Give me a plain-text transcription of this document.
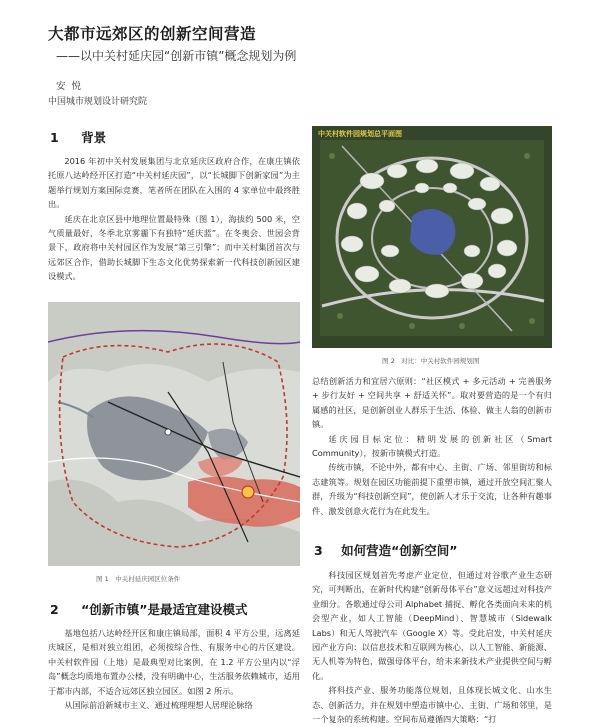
大都市远郊区的创新空间营造
——以中关村延庆园“创新市镇”概念规划为例
安悦
中国城市规划设计研究院
1 背景

2016 年初中关村发展集团与北京延庆区政府合作，在康庄镇依托原八达岭经开区打造“中关村延庆园”，以“长城脚下创新家园”为主题举行规划方案国际竞赛，笔者所在团队在入围的 4 家单位中最终胜出。

延庆在北京区县中地理位置最特殊（图 1），海拔约 500 米，空气质量最好，冬季北京雾霾下有独特“延庆蓝”。在冬奥会、世园会背景下，政府将中关村园区作为发展“第三引擎”；而中关村集团首次与远郊区合作，借助长城脚下生态文化优势探索新一代科技创新园区建设模式。

图 1　中关村延庆园区位条件
2 “创新市镇”是最适宜建设模式

基地包括八达岭经开区和康庄镇局部，面积 4 平方公里，远离延庆城区，是相对独立组团，必须按综合性、有服务中心的片区建设。中关村软件园（上地）是最典型对比案例，在 1.2 平方公里内以“浮岛”概念均质地布置办公楼，没有明确中心，生活服务依赖城市，适用于都市内部，不适合远郊区独立园区。如图 2 所示。

从国际前沿新城市主义、通过梳理理想人居理论脉络

中关村软件园规划总平面图
图 2　对比：中关村软件园规划图

总结创新活力和宜居六原则：“社区模式 + 多元活动 + 完善服务 + 步行友好 + 空间共享 + 舒适关怀”。取对要营造的是一个有归属感的社区，是创新创业人群乐于生活、体验、做主人翁的创新市镇。

延庆园目标定位：精明发展的创新社区（Smart Community），按新市镇模式打造。

传统市镇，不论中外，都有中心、主街、广场、邻里街坊和标志建筑等。规划在园区功能前提下重塑市镇，通过开放空间汇聚人群，升级为“科技创新空间”，使创新人才乐于交流，让各种有趣事件、激发创意火花行为在此发生。

3 如何营造“创新空间”

科技园区规划首先考虑产业定位，但通过对谷歌产业生态研究，可判断出，在新时代构建“创新母体平台”意义远超过对科技产业细分。各歌通过母公司 Alphabet 捕捉、孵化各类面向未来的机会型产业，如人工智能（DeepMind）、智慧城市（Sidewalk Labs）和无人驾驶汽车（Google X）等。受此启发，中关村延庆园产业方向：以信息技术和互联网为核心，以人工智能、新能源、无人机等为特色，做强母体平台，给未来新技术产业提供空间与孵化。

将科技产业、服务功能落位规划，且体现长城文化、山水生态、创新活力，并在规划中塑造市镇中心、主街、广场和邻里，是一个复杂的系统构建。空间布局遵循四大策略：“打
